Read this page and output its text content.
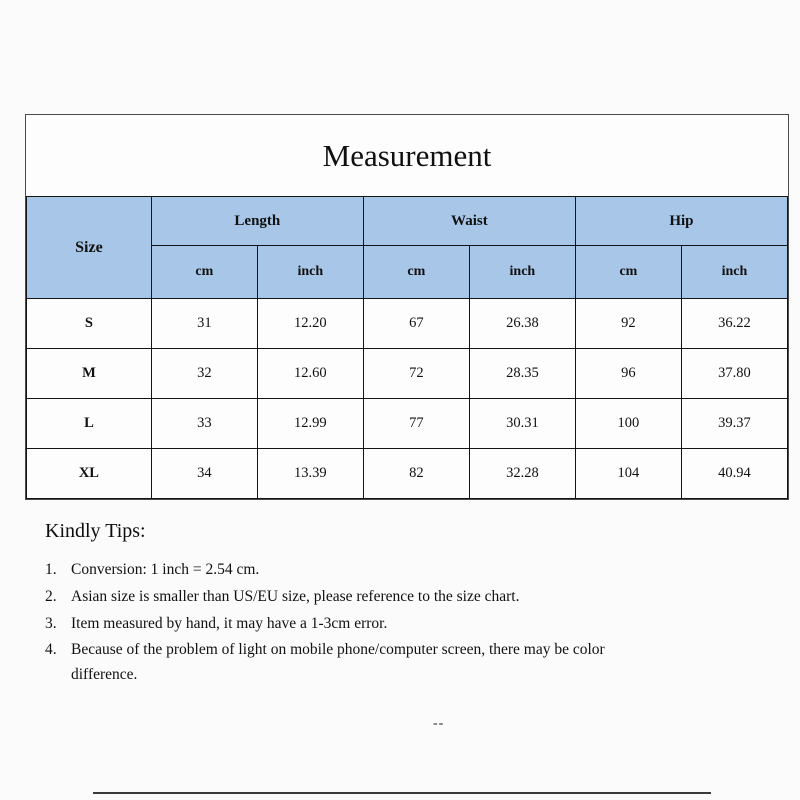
Measurement
Size	Length		Waist		Hip	
	cm	inch	cm	inch	cm	inch
S	31	12.20	67	26.38	92	36.22
M	32	12.60	72	28.35	96	37.80
L	33	12.99	77	30.31	100	39.37
XL	34	13.39	82	32.28	104	40.94
Kindly Tips:
1. Conversion: 1 inch = 2.54 cm.
2. Asian size is smaller than US/EU size, please reference to the size chart.
3. Item measured by hand, it may have a 1-3cm error.
4. Because of the problem of light on mobile phone/computer screen, there may be color difference.
--
